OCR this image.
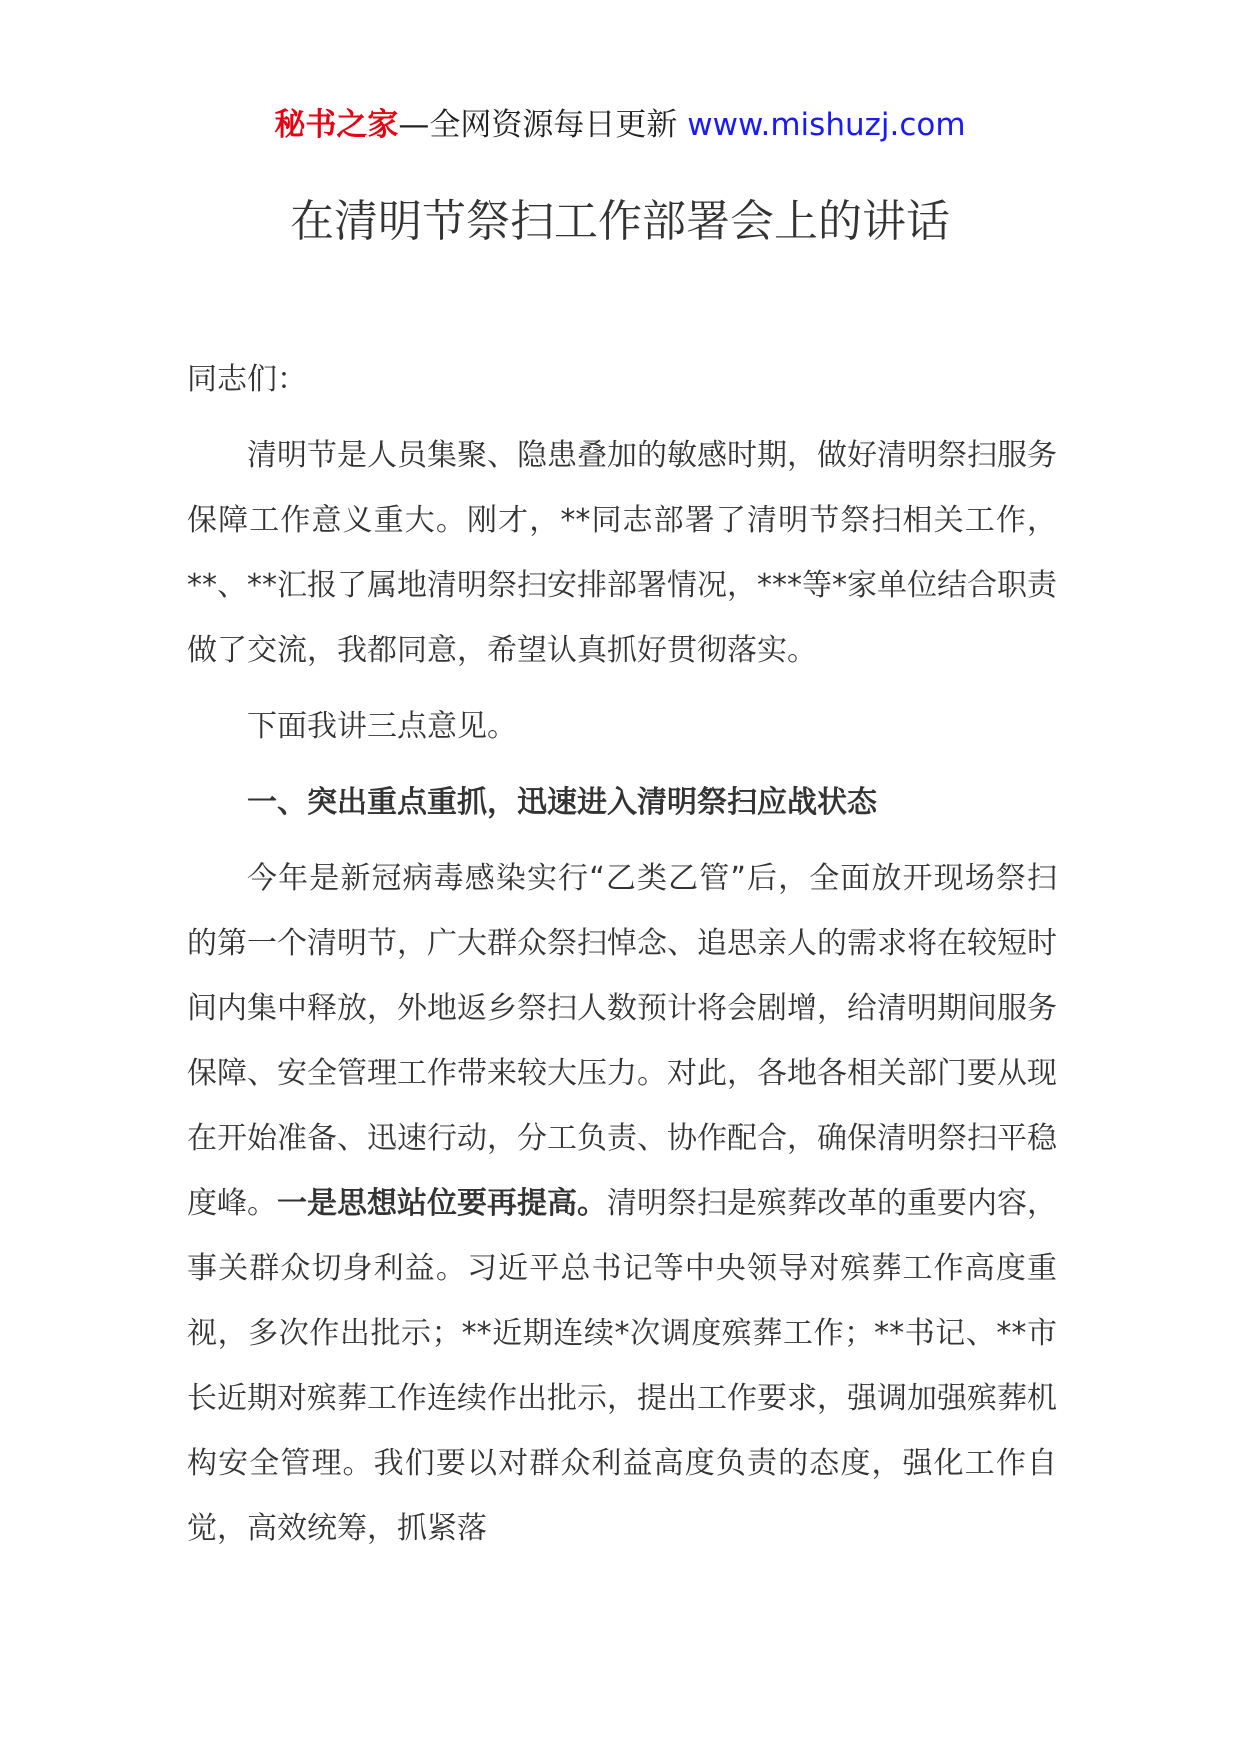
秘书之家—全网资源每日更新 www.mishuzj.com
在清明节祭扫工作部署会上的讲话

同志们：

清明节是人员集聚、隐患叠加的敏感时期，做好清明祭扫服务保障工作意义重大。刚才，**同志部署了清明节祭扫相关工作，**、**汇报了属地清明祭扫安排部署情况，***等*家单位结合职责做了交流，我都同意，希望认真抓好贯彻落实。

下面我讲三点意见。

一、突出重点重抓，迅速进入清明祭扫应战状态

今年是新冠病毒感染实行“乙类乙管”后，全面放开现场祭扫的第一个清明节，广大群众祭扫悼念、追思亲人的需求将在较短时间内集中释放，外地返乡祭扫人数预计将会剧增，给清明期间服务保障、安全管理工作带来较大压力。对此，各地各相关部门要从现在开始准备、迅速行动，分工负责、协作配合，确保清明祭扫平稳度峰。一是思想站位要再提高。清明祭扫是殡葬改革的重要内容，事关群众切身利益。习近平总书记等中央领导对殡葬工作高度重视，多次作出批示；**近期连续*次调度殡葬工作；**书记、**市长近期对殡葬工作连续作出批示，提出工作要求，强调加强殡葬机构安全管理。我们要以对群众利益高度负责的态度，强化工作自觉，高效统筹，抓紧落
